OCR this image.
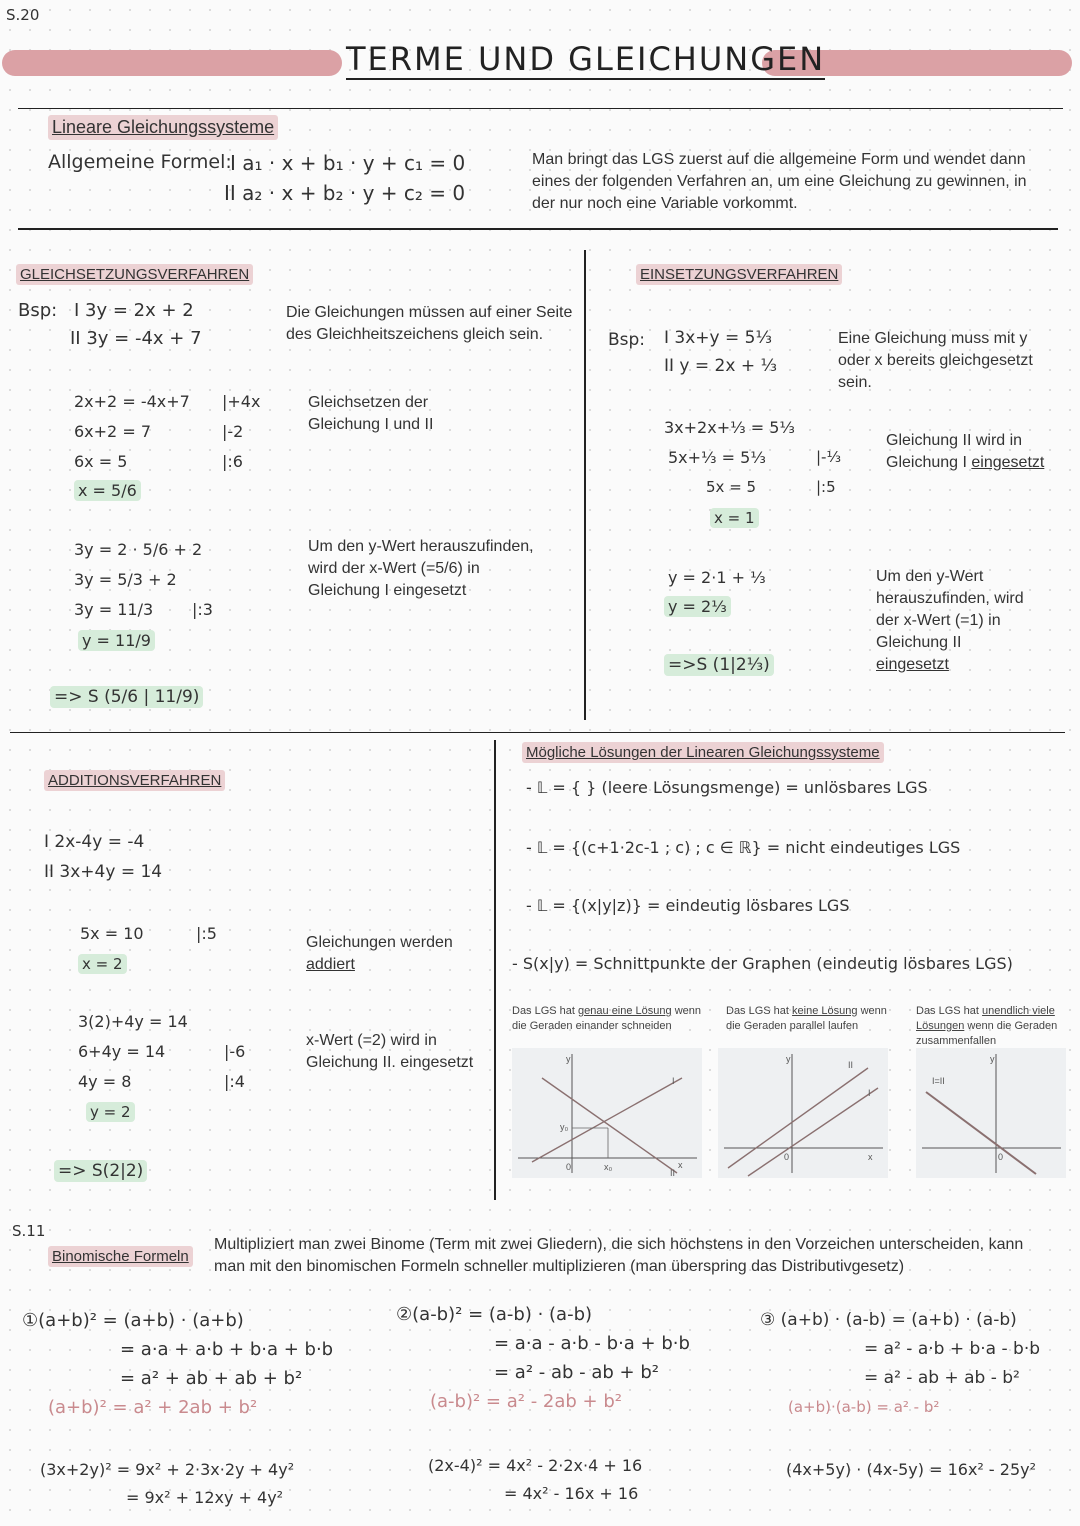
S.20
TERME UND GLEICHUNGEN
Lineare Gleichungssysteme
Allgemeine Formel:
I a₁ · x + b₁ · y + c₁ = 0
II a₂ · x + b₂ · y + c₂ = 0
Man bringt das LGS zuerst auf die allgemeine Form und wendet dann eines der folgenden Verfahren an, um eine Gleichung zu gewinnen, in der nur noch eine Variable vorkommt.
GLEICHSETZUNGSVERFAHREN
Bsp: I 3y = 2x + 2
II 3y = -4x + 7
Die Gleichungen müssen auf einer Seite des Gleichheitszeichens gleich sein.
2x+2 = -4x+7
6x+2 = 7
6x = 5
|+4x
|-2
|:6
x = 5/6
Gleichsetzen der Gleichung I und II
3y = 2 · 5/6 + 2
3y = 5/3 + 2
3y = 11/3 |:3
y = 11/9
Um den y-Wert herauszufinden, wird der x-Wert (=5/6) in Gleichung I eingesetzt
=> S (5/6 | 11/9)
EINSETZUNGSVERFAHREN
Bsp: I 3x+y = 5⅓
II y = 2x + ⅓
Eine Gleichung muss mit y oder x bereits gleichgesetzt sein.
3x+2x+⅓ = 5⅓
5x+⅓ = 5⅓
5x = 5
|-⅓
|:5
x = 1
Gleichung II wird in Gleichung I eingesetzt
y = 2·1 + ⅓
y = 2⅓
Um den y-Wert herauszufinden, wird der x-Wert (=1) in Gleichung II eingesetzt
=>S (1|2⅓)
ADDITIONSVERFAHREN
I 2x-4y = -4
II 3x+4y = 14
5x = 10	|:5
x = 2
Gleichungen werden
addiert
3(2)+4y = 14
6+4y = 14
4y = 8
|-6
|:4
y = 2
x-Wert (=2) wird in Gleichung II. eingesetzt
=> S(2|2)
Mögliche Lösungen der Linearen Gleichungssysteme
- 𝕃 = { } (leere Lösungsmenge) = unlösbares LGS
- 𝕃 = {(c+1·2c-1 ; c) ; c ∈ ℝ} = nicht eindeutiges LGS
- 𝕃 = {(x|y|z)} = eindeutig lösbares LGS
- S(x|y) = Schnittpunkte der Graphen (eindeutig lösbares LGS)
Das LGS hat genau eine Lösung wenn die Geraden einander schneiden
Das LGS hat keine Lösung wenn die Geraden parallel laufen
Das LGS hat unendlich viele Lösungen wenn die Geraden zusammenfallen
y
x
0
y₀
x₀
I
II
y
x
0
II
I
y
0
I=II
S.11
Binomische Formeln
Multipliziert man zwei Binome (Term mit zwei Gliedern), die sich höchstens in den Vorzeichen unterscheiden, kann man mit den binomischen Formeln schneller multiplizieren (man überspring das Distributivgesetz)
①(a+b)² = (a+b) · (a+b)
= a·a + a·b + b·a + b·b
= a² + ab + ab + b²
(a+b)² = a² + 2ab + b²
(3x+2y)² = 9x² + 2·3x·2y + 4y²
= 9x² + 12xy + 4y²
②(a-b)² = (a-b) · (a-b)
= a·a - a·b - b·a + b·b
= a² - ab - ab + b²
(a-b)² = a² - 2ab + b²
(2x-4)² = 4x² - 2·2x·4 + 16
= 4x² - 16x + 16
③ (a+b) · (a-b) = (a+b) · (a-b)
= a² - a·b + b·a - b·b
= a² - ab + ab - b²
(a+b)·(a-b) = a² - b²
(4x+5y) · (4x-5y) = 16x² - 25y²
